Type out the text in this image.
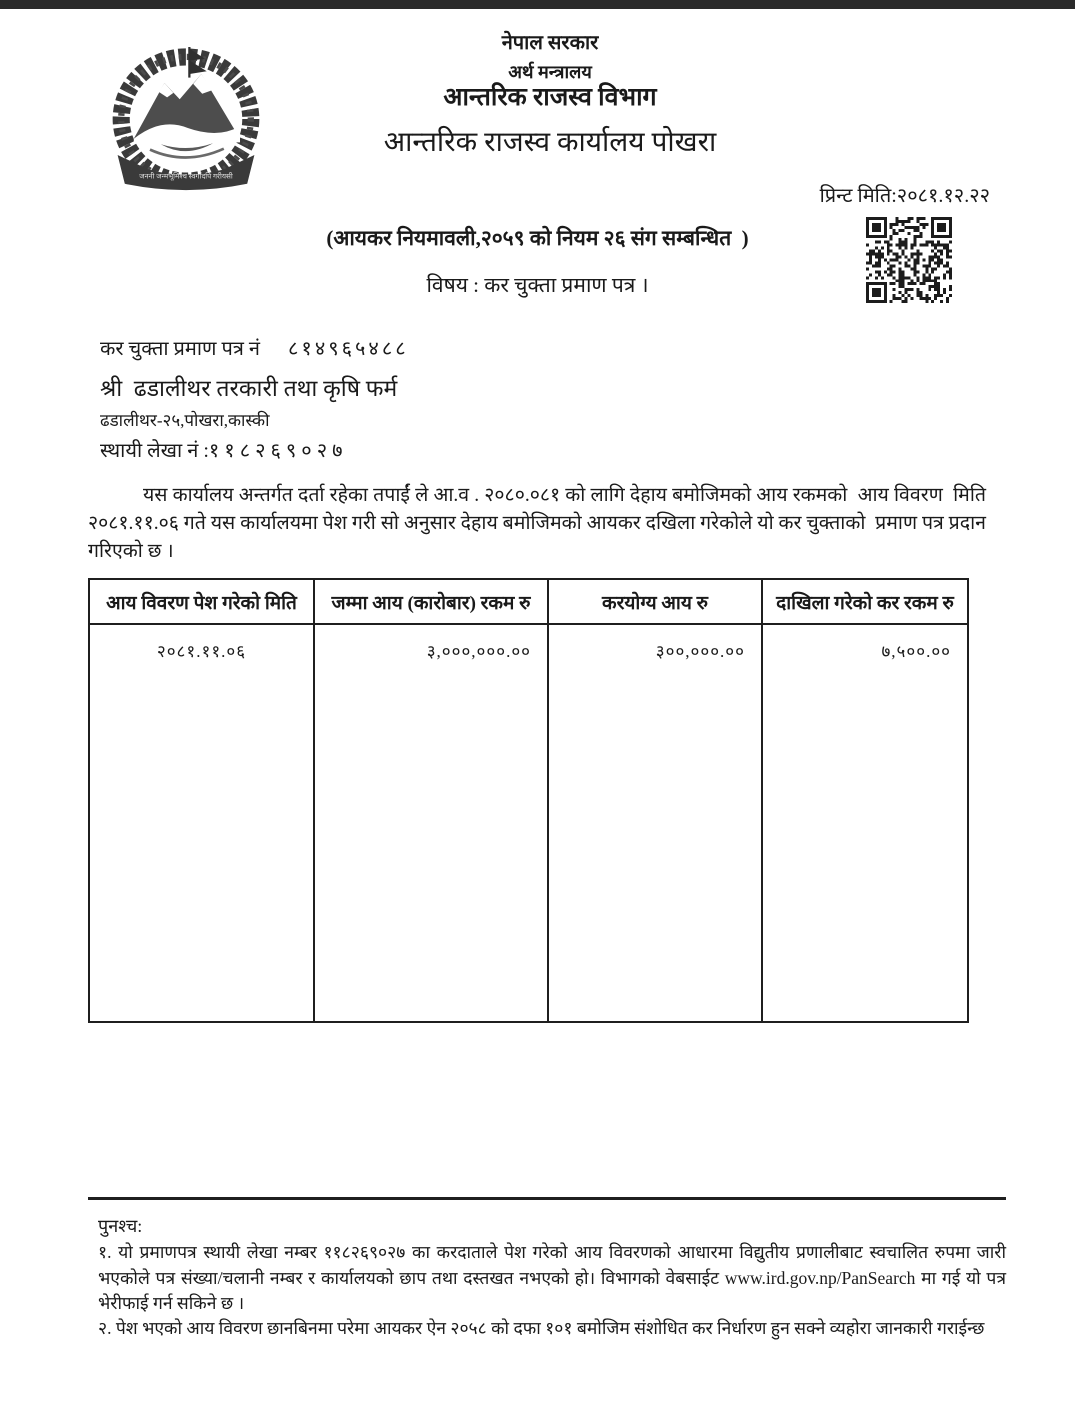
जननी जन्मभूमिश्च स्वर्गादपि गरीयसी
नेपाल सरकार
अर्थ मन्त्रालय
आन्तरिक राजस्व विभाग
आन्तरिक राजस्व कार्यालय पोखरा
प्रिन्ट मिति:२०८१.१२.२२
(आयकर नियमावली,२०५९ को नियम २६ संग सम्बन्धित  )
विषय : कर चुक्ता प्रमाण पत्र ।
कर चुक्ता प्रमाण पत्र नं ८१४९६५४८८
श्री  ढडालीथर तरकारी तथा कृषि फर्म
ढडालीथर-२५,पोखरा,कास्की
स्थायी लेखा नं :११८२६९०२७
यस कार्यालय अन्तर्गत दर्ता रहेका तपाईं ले आ.व . २०८०.०८१ को लागि देहाय बमोजिमको आय रकमको  आय विवरण  मिति २०८१.११.०६ गते यस कार्यालयमा पेश गरी सो अनुसार देहाय बमोजिमको आयकर दखिला गरेकोले यो कर चुक्ताको  प्रमाण पत्र प्रदान गरिएको छ ।
आय विवरण पेश गरेको मिति	जम्मा आय (कारोबार) रकम रु	करयोग्य आय रु	दाखिला गरेको कर रकम रु
२०८१.११.०६	३,०००,०००.००	३००,०००.००	७,५००.००
पुनश्च:
१. यो प्रमाणपत्र स्थायी लेखा नम्बर ११८२६९०२७ का करदाताले पेश गरेको आय विवरणको आधारमा विद्युतीय प्रणालीबाट स्वचालित रुपमा जारी भएकोले पत्र संख्या/चलानी नम्बर र कार्यालयको छाप तथा दस्तखत नभएको हो। विभागको वेबसाईट www.ird.gov.np/PanSearch मा गई यो पत्र भेरीफाई गर्न सकिने छ ।
२. पेश भएको आय विवरण छानबिनमा परेमा आयकर ऐन २०५८ को दफा १०१ बमोजिम संशोधित कर निर्धारण हुन सक्ने व्यहोरा जानकारी गराईन्छ
